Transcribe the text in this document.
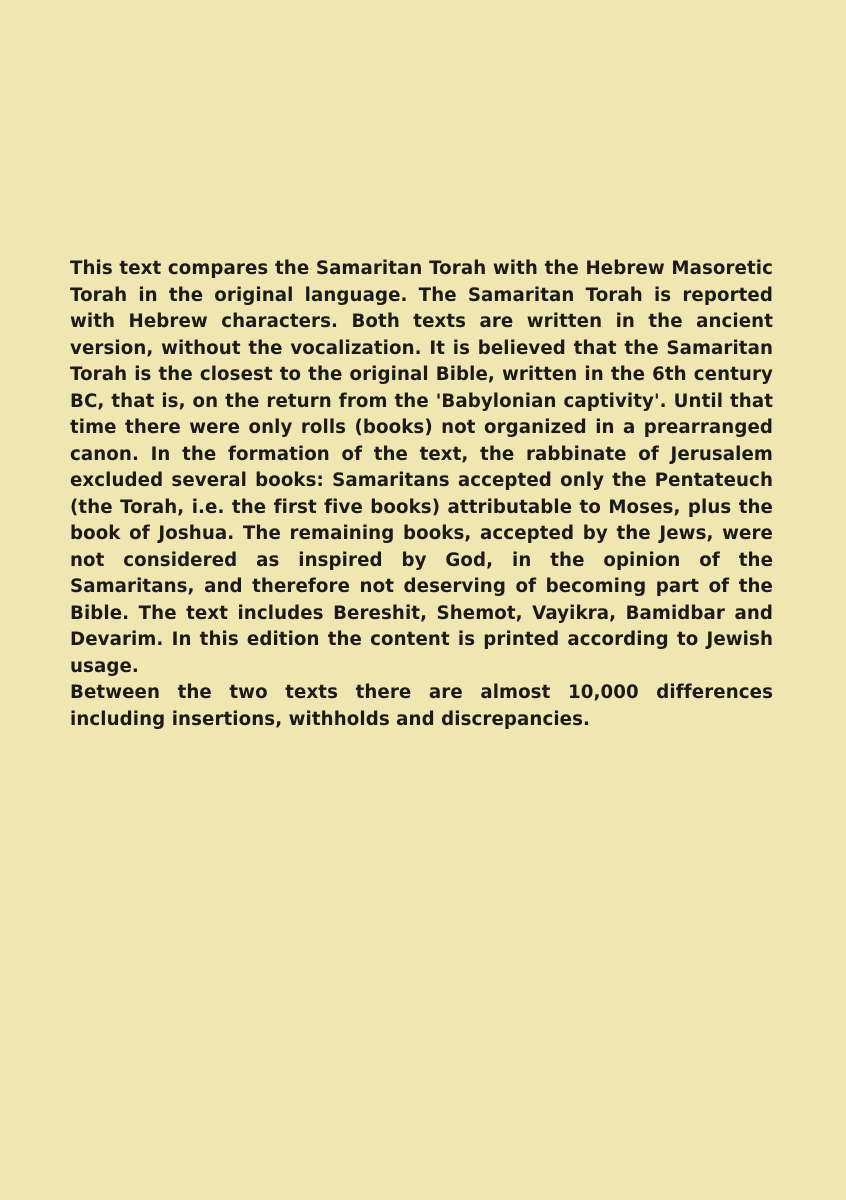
This text compares the Samaritan Torah with the Hebrew Masoretic Torah in the original language. The Samaritan Torah is reported with Hebrew characters. Both texts are written in the ancient version, without the vocalization. It is believed that the Samaritan Torah is the closest to the original Bible, written in the 6th century BC, that is, on the return from the 'Babylonian captivity'. Until that time there were only rolls (books) not organized in a prearranged canon. In the formation of the text, the rabbinate of Jerusalem excluded several books: Samaritans accepted only the Pentateuch (the Torah, i.e. the first five books) attributable to Moses, plus the book of Joshua. The remaining books, accepted by the Jews, were not considered as inspired by God, in the opinion of the Samaritans, and therefore not deserving of becoming part of the Bible. The text includes Bereshit, Shemot, Vayikra, Bamidbar and Devarim. In this edition the content is printed according to Jewish usage.

Between the two texts there are almost 10,000 differences including insertions, withholds and discrepancies.
